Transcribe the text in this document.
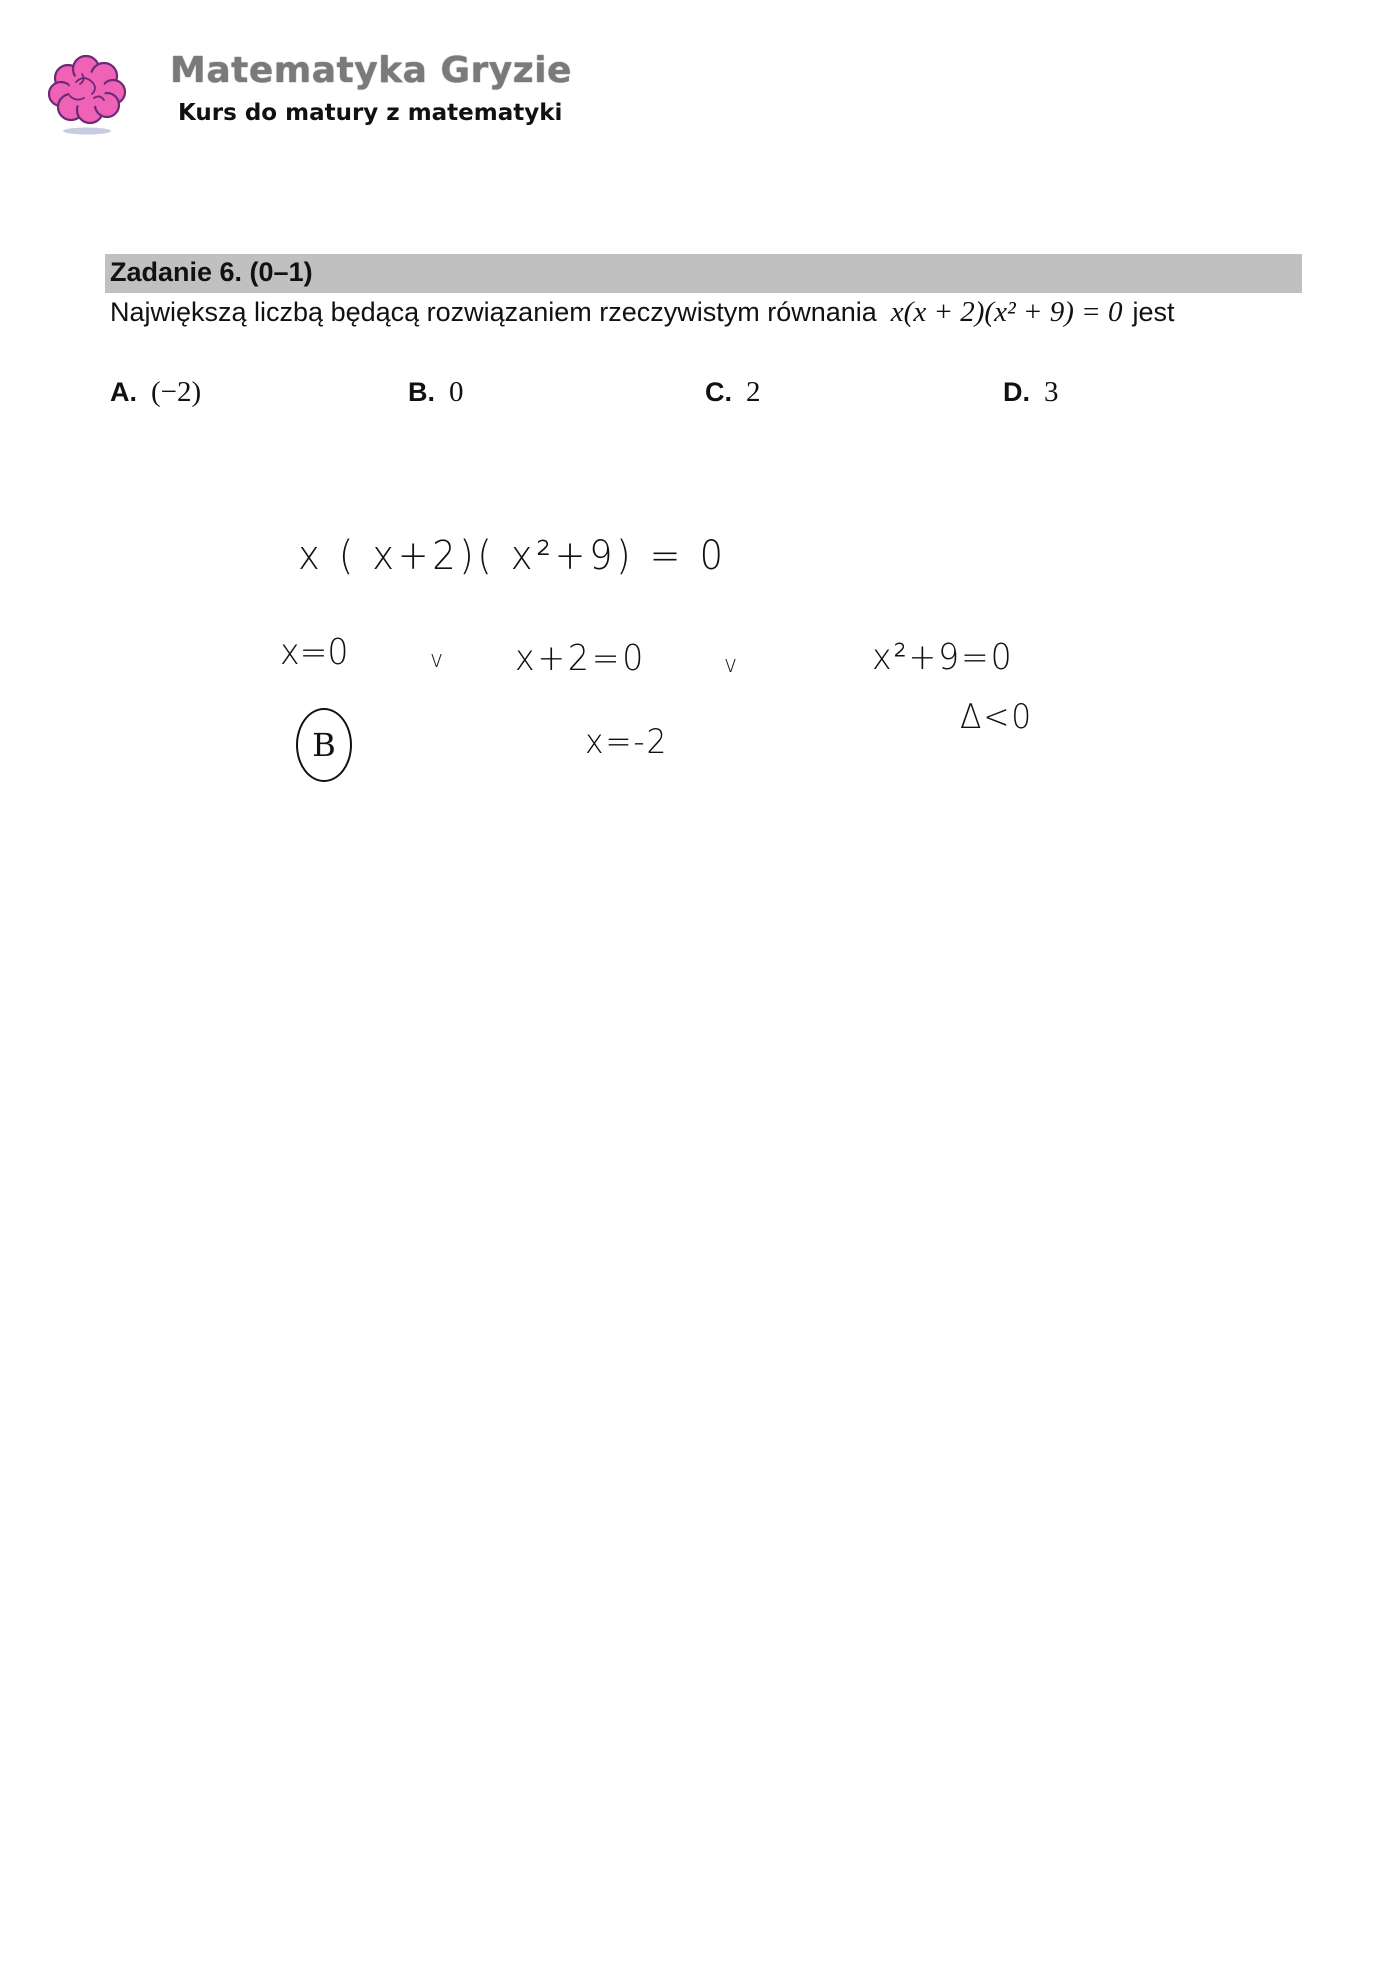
Matematyka Gryzie
Kurs do matury z matematyki
Zadanie 6. (0–1)
Największą liczbą będącą rozwiązaniem rzeczywistym równania x(x + 2)(x² + 9) = 0 jest
A. (−2)	B. 0	C. 2	D. 3
x ( x+2)( x²+9) = 0
x=0	v x+2=0	v	x²+9=0
B	x=-2
Δ<0
